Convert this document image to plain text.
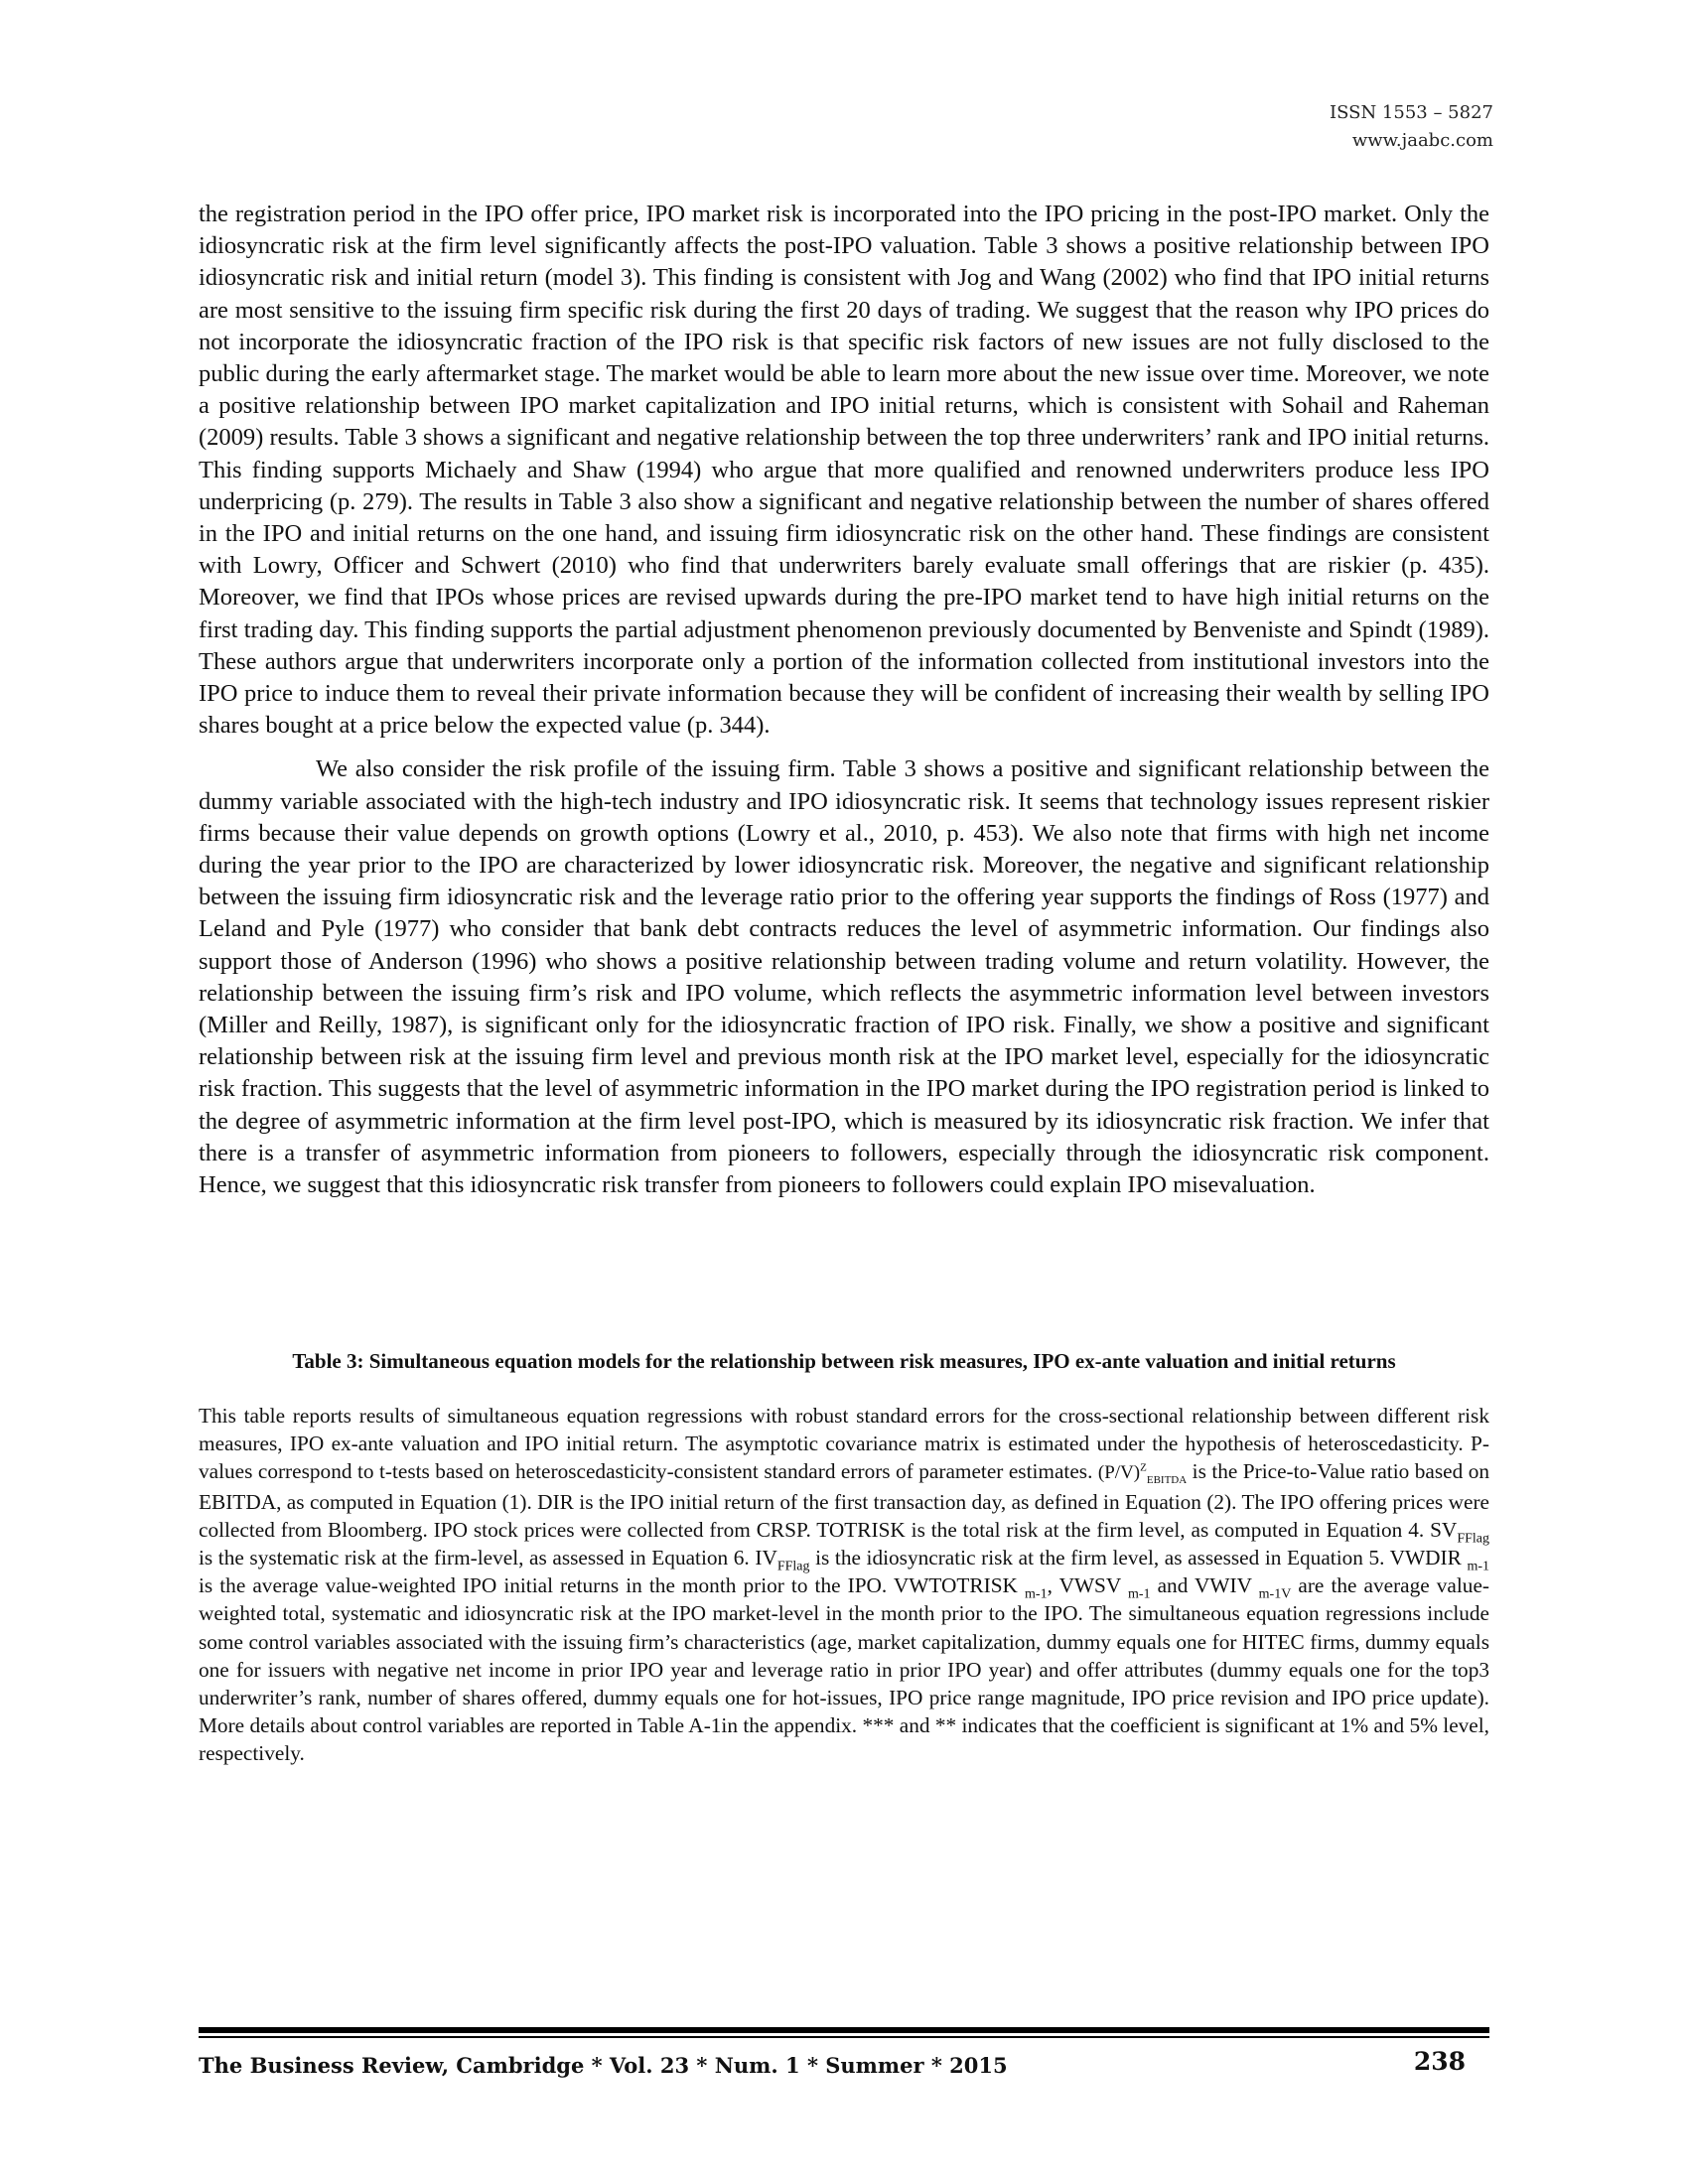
ISSN 1553 – 5827
www.jaabc.com

the registration period in the IPO offer price, IPO market risk is incorporated into the IPO pricing in the post-IPO market. Only the idiosyncratic risk at the firm level significantly affects the post-IPO valuation. Table 3 shows a positive relationship between IPO idiosyncratic risk and initial return (model 3). This finding is consistent with Jog and Wang (2002) who find that IPO initial returns are most sensitive to the issuing firm specific risk during the first 20 days of trading. We suggest that the reason why IPO prices do not incorporate the idiosyncratic fraction of the IPO risk is that specific risk factors of new issues are not fully disclosed to the public during the early aftermarket stage. The market would be able to learn more about the new issue over time. Moreover, we note a positive relationship between IPO market capitalization and IPO initial returns, which is consistent with Sohail and Raheman (2009) results. Table 3 shows a significant and negative relationship between the top three underwriters’ rank and IPO initial returns. This finding supports Michaely and Shaw (1994) who argue that more qualified and renowned underwriters produce less IPO underpricing (p. 279). The results in Table 3 also show a significant and negative relationship between the number of shares offered in the IPO and initial returns on the one hand, and issuing firm idiosyncratic risk on the other hand. These findings are consistent with Lowry, Officer and Schwert (2010) who find that underwriters barely evaluate small offerings that are riskier (p. 435). Moreover, we find that IPOs whose prices are revised upwards during the pre-IPO market tend to have high initial returns on the first trading day. This finding supports the partial adjustment phenomenon previously documented by Benveniste and Spindt (1989). These authors argue that underwriters incorporate only a portion of the information collected from institutional investors into the IPO price to induce them to reveal their private information because they will be confident of increasing their wealth by selling IPO shares bought at a price below the expected value (p. 344).

We also consider the risk profile of the issuing firm. Table 3 shows a positive and significant relationship between the dummy variable associated with the high-tech industry and IPO idiosyncratic risk. It seems that technology issues represent riskier firms because their value depends on growth options (Lowry et al., 2010, p. 453). We also note that firms with high net income during the year prior to the IPO are characterized by lower idiosyncratic risk. Moreover, the negative and significant relationship between the issuing firm idiosyncratic risk and the leverage ratio prior to the offering year supports the findings of Ross (1977) and Leland and Pyle (1977) who consider that bank debt contracts reduces the level of asymmetric information. Our findings also support those of Anderson (1996) who shows a positive relationship between trading volume and return volatility. However, the relationship between the issuing firm’s risk and IPO volume, which reflects the asymmetric information level between investors (Miller and Reilly, 1987), is significant only for the idiosyncratic fraction of IPO risk. Finally, we show a positive and significant relationship between risk at the issuing firm level and previous month risk at the IPO market level, especially for the idiosyncratic risk fraction. This suggests that the level of asymmetric information in the IPO market during the IPO registration period is linked to the degree of asymmetric information at the firm level post-IPO, which is measured by its idiosyncratic risk fraction. We infer that there is a transfer of asymmetric information from pioneers to followers, especially through the idiosyncratic risk component. Hence, we suggest that this idiosyncratic risk transfer from pioneers to followers could explain IPO misevaluation.

Table 3: Simultaneous equation models for the relationship between risk measures, IPO ex-ante valuation and initial returns
This table reports results of simultaneous equation regressions with robust standard errors for the cross-sectional relationship between different risk measures, IPO ex-ante valuation and IPO initial return. The asymptotic covariance matrix is estimated under the hypothesis of heteroscedasticity. P-values correspond to t-tests based on heteroscedasticity-consistent standard errors of parameter estimates. $(P/V)^Z_{EBITDA}$ is the Price-to-Value ratio based on EBITDA, as computed in Equation (1). DIR is the IPO initial return of the first transaction day, as defined in Equation (2). The IPO offering prices were collected from Bloomberg. IPO stock prices were collected from CRSP. TOTRISK is the total risk at the firm level, as computed in Equation 4. $SV_{FFlag}$ is the systematic risk at the firm-level, as assessed in Equation 6. $IV_{FFlag}$ is the idiosyncratic risk at the firm level, as assessed in Equation 5. VWDIR $_{m-1}$ is the average value-weighted IPO initial returns in the month prior to the IPO. VWTOTRISK $_{m-1}$, VWSV $_{m-1}$ and VWIV $_{m-1V}$ are the average value-weighted total, systematic and idiosyncratic risk at the IPO market-level in the month prior to the IPO. The simultaneous equation regressions include some control variables associated with the issuing firm’s characteristics (age, market capitalization, dummy equals one for HITEC firms, dummy equals one for issuers with negative net income in prior IPO year and leverage ratio in prior IPO year) and offer attributes (dummy equals one for the top3 underwriter’s rank, number of shares offered, dummy equals one for hot-issues, IPO price range magnitude, IPO price revision and IPO price update). More details about control variables are reported in Table A-1in the appendix. *** and ** indicates that the coefficient is significant at 1% and 5% level, respectively.
The Business Review, Cambridge * Vol. 23 * Num. 1 * Summer * 2015	238
